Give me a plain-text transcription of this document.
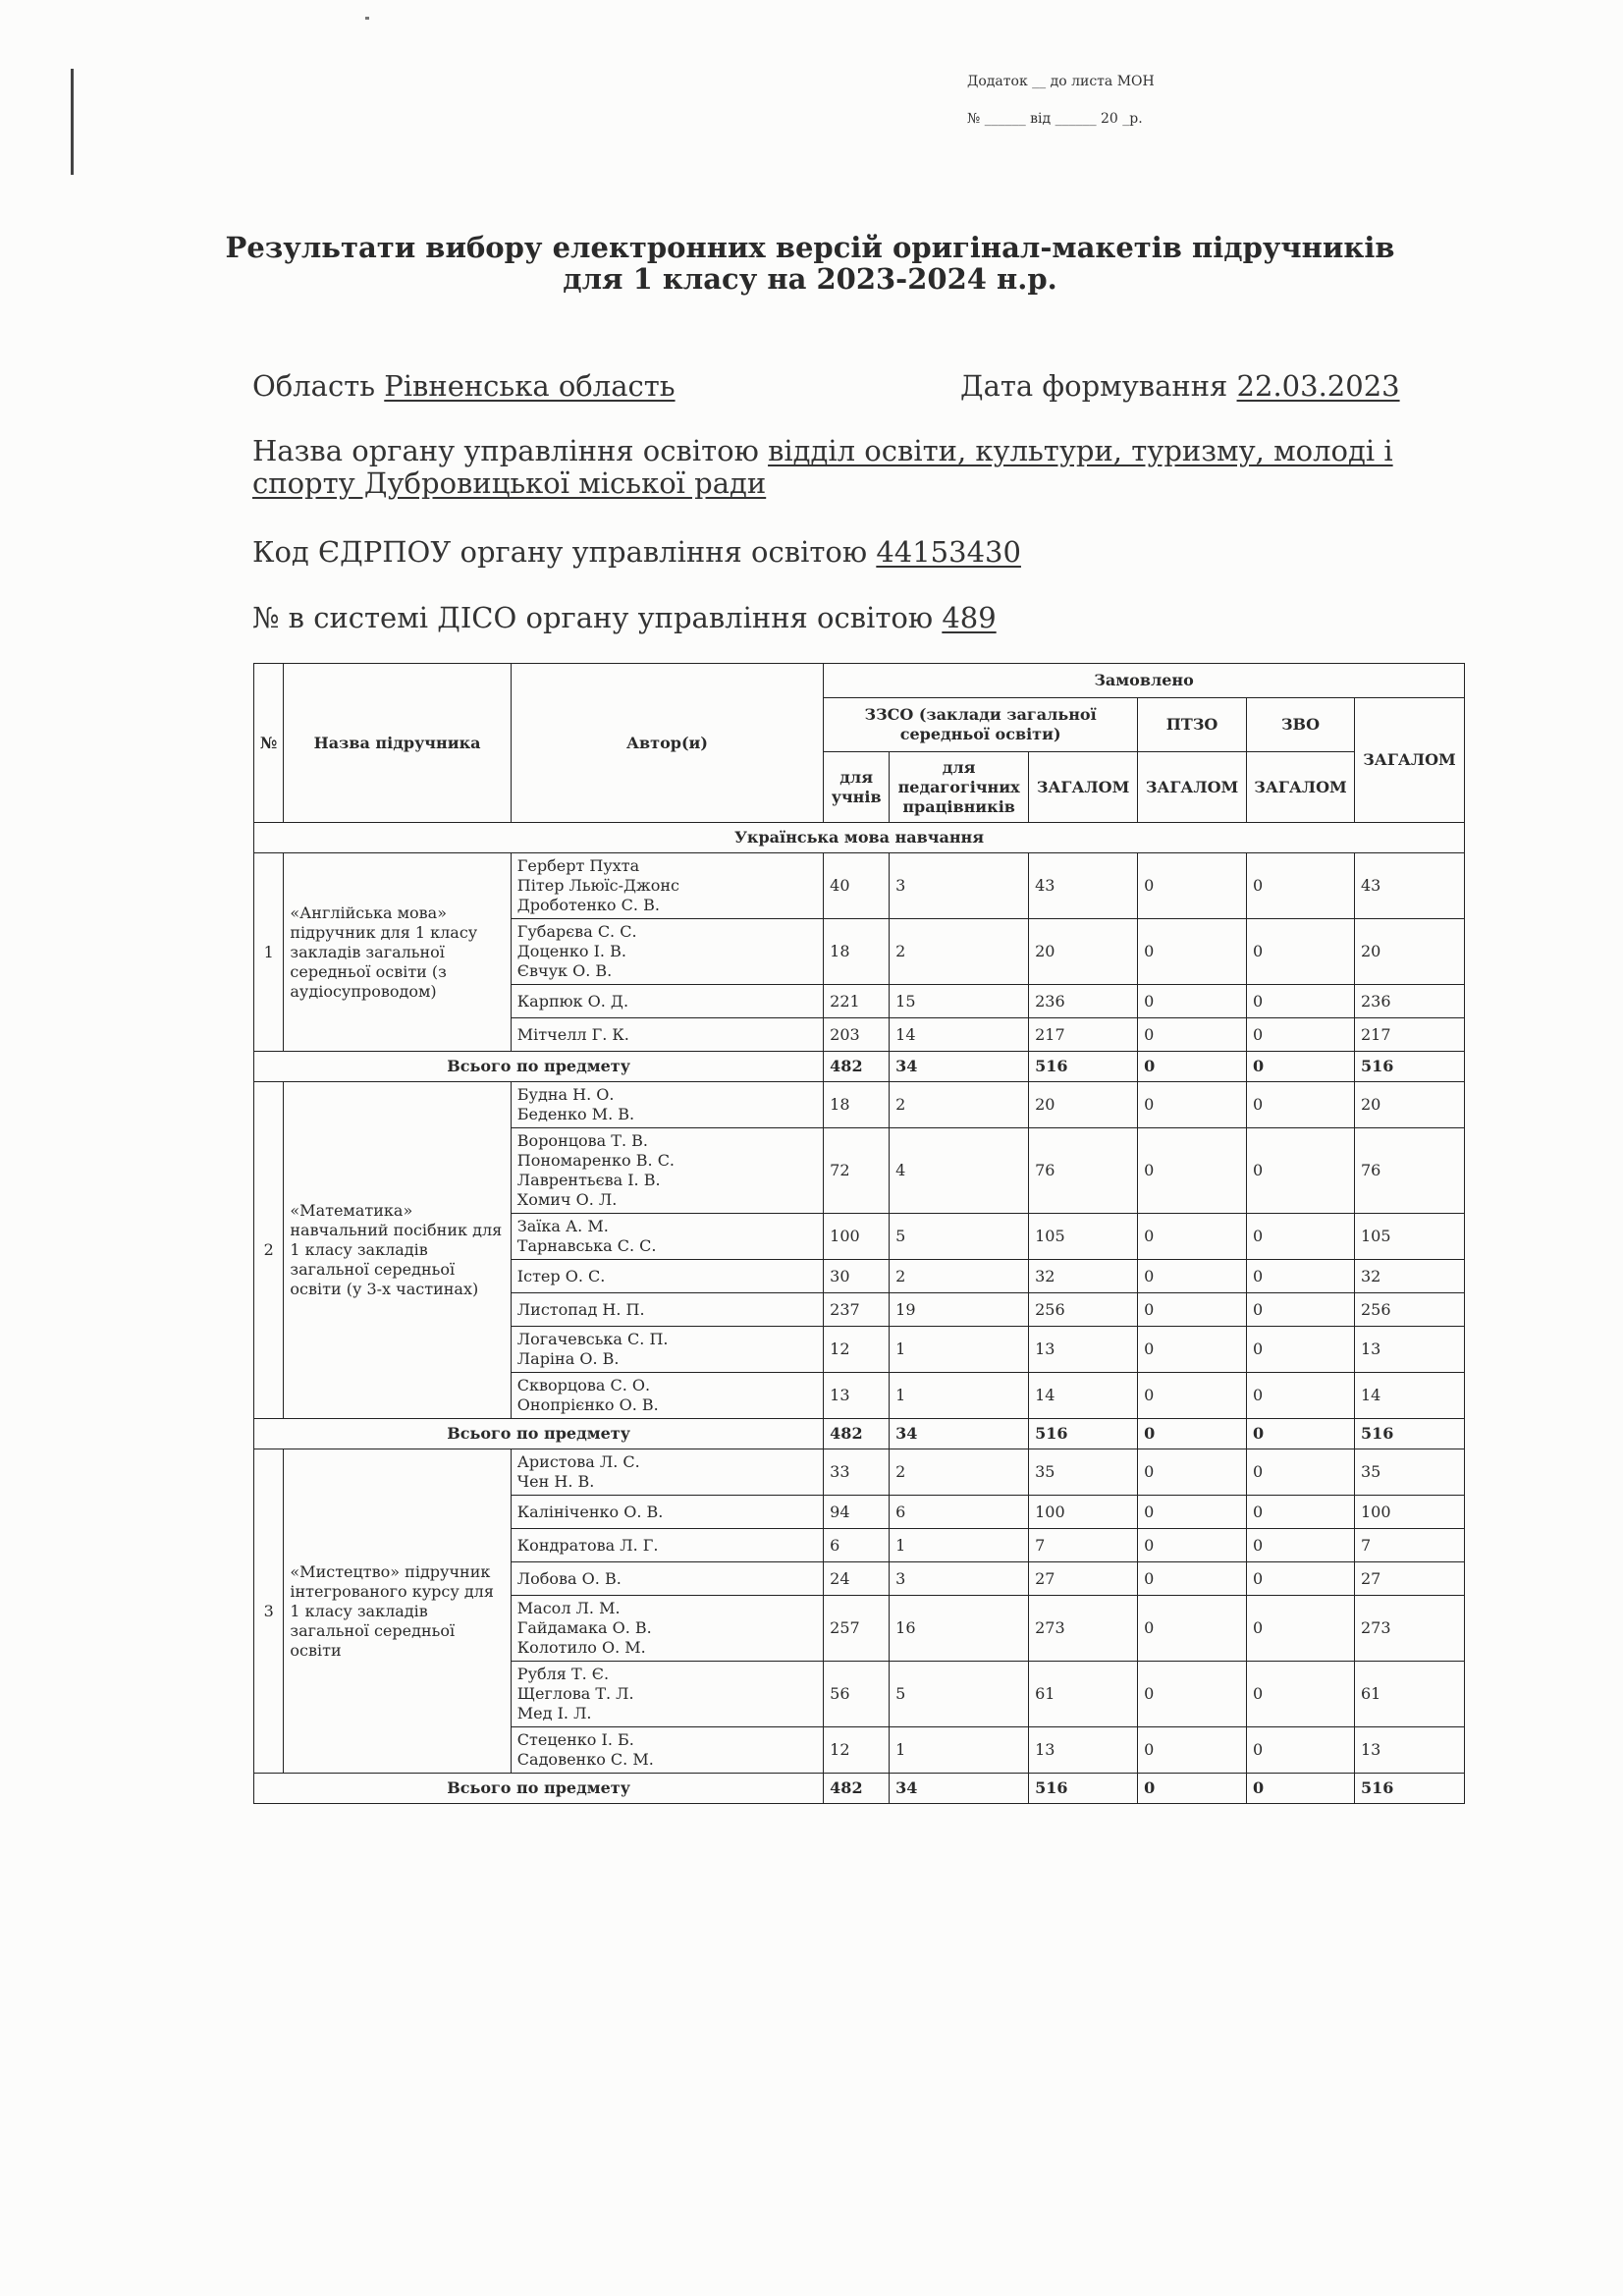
Додаток __ до листа МОН
№ ______ від ______ 20 _р.
Результати вибору електронних версій оригінал-макетів підручників
для 1 класу на 2023-2024 н.р.
Область Рівненська область	Дата формування 22.03.2023
Назва органу управління освітою відділ освіти, культури, туризму, молоді і спорту Дубровицької міської ради
Код ЄДРПОУ органу управління освітою 44153430
№ в системі ДІСО органу управління освітою 489
№	Назва підручника	Автор(и)	Замовлено					
			ЗЗСО (заклади загальної середньої освіти)			ПТЗО	ЗВО	ЗАГАЛОМ
			для учнів	для педагогічних працівників	ЗАГАЛОМ	ЗАГАЛОМ	ЗАГАЛОМ	
Українська мова навчання								
1	«Англійська мова» підручник для 1 класу закладів загальної середньої освіти (з аудіосупроводом)	Герберт Пухта
Пітер Льюїс-Джонс
Дроботенко С. В.	40	3	43	0	0	43

		Губарєва С. С.
Доценко І. В.
Євчук О. В.	18	2	20	0	0	20

		Карпюк О. Д.	221	15	236	0	0	236

		Мітчелл Г. К.	203	14	217	0	0	217
Всього по предмету			482	34	516	0	0	516
2	«Математика» навчальний посібник для 1 класу закладів загальної середньої освіти (у 3-х частинах)	Будна Н. О.
Беденко М. В.	18	2	20	0	0	20

		Воронцова Т. В.
Пономаренко В. С.
Лаврентьєва І. В.
Хомич О. Л.	72	4	76	0	0	76

		Заїка А. М.
Тарнавська С. С.	100	5	105	0	0	105

		Істер О. С.	30	2	32	0	0	32

		Листопад Н. П.	237	19	256	0	0	256

		Логачевська С. П.
Ларіна О. В.	12	1	13	0	0	13

		Скворцова С. О.
Онопрієнко О. В.	13	1	14	0	0	14
Всього по предмету			482	34	516	0	0	516
3	«Мистецтво» підручник інтегрованого курсу для 1 класу закладів загальної середньої освіти	Аристова Л. С.
Чен Н. В.	33	2	35	0	0	35

		Калініченко О. В.	94	6	100	0	0	100

		Кондратова Л. Г.	6	1	7	0	0	7

		Лобова О. В.	24	3	27	0	0	27

		Масол Л. М.
Гайдамака О. В.
Колотило О. М.	257	16	273	0	0	273

		Рубля Т. Є.
Щеглова Т. Л.
Мед І. Л.	56	5	61	0	0	61

		Стеценко І. Б.
Садовенко С. М.	12	1	13	0	0	13
Всього по предмету			482	34	516	0	0	516
